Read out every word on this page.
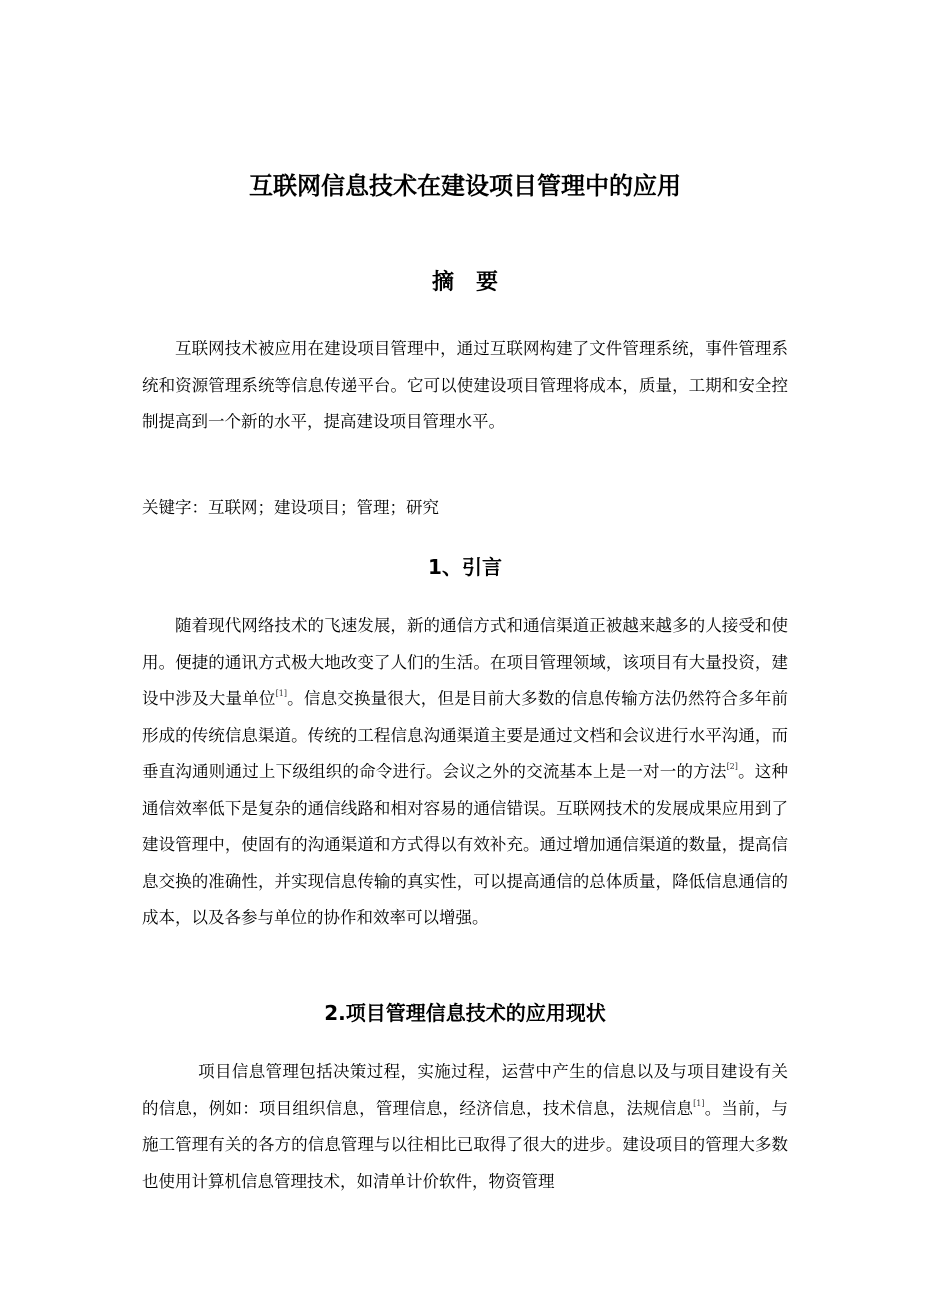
互联网信息技术在建设项目管理中的应用
摘要

互联网技术被应用在建设项目管理中，通过互联网构建了文件管理系统，事件管理系统和资源管理系统等信息传递平台。它可以使建设项目管理将成本，质量，工期和安全控制提高到一个新的水平，提高建设项目管理水平。

关键字：互联网；建设项目；管理；研究

1、引言

随着现代网络技术的飞速发展，新的通信方式和通信渠道正被越来越多的人接受和使用。便捷的通讯方式极大地改变了人们的生活。在项目管理领域，该项目有大量投资，建设中涉及大量单位[1]。信息交换量很大，但是目前大多数的信息传输方法仍然符合多年前形成的传统信息渠道。传统的工程信息沟通渠道主要是通过文档和会议进行水平沟通，而垂直沟通则通过上下级组织的命令进行。会议之外的交流基本上是一对一的方法[2]。这种通信效率低下是复杂的通信线路和相对容易的通信错误。互联网技术的发展成果应用到了建设管理中，使固有的沟通渠道和方式得以有效补充。通过增加通信渠道的数量，提高信息交换的准确性，并实现信息传输的真实性，可以提高通信的总体质量，降低信息通信的成本，以及各参与单位的协作和效率可以增强。

2.项目管理信息技术的应用现状

项目信息管理包括决策过程，实施过程，运营中产生的信息以及与项目建设有关的信息，例如：项目组织信息，管理信息，经济信息，技术信息，法规信息[1]。当前，与施工管理有关的各方的信息管理与以往相比已取得了很大的进步。建设项目的管理大多数也使用计算机信息管理技术，如清单计价软件，物资管理
